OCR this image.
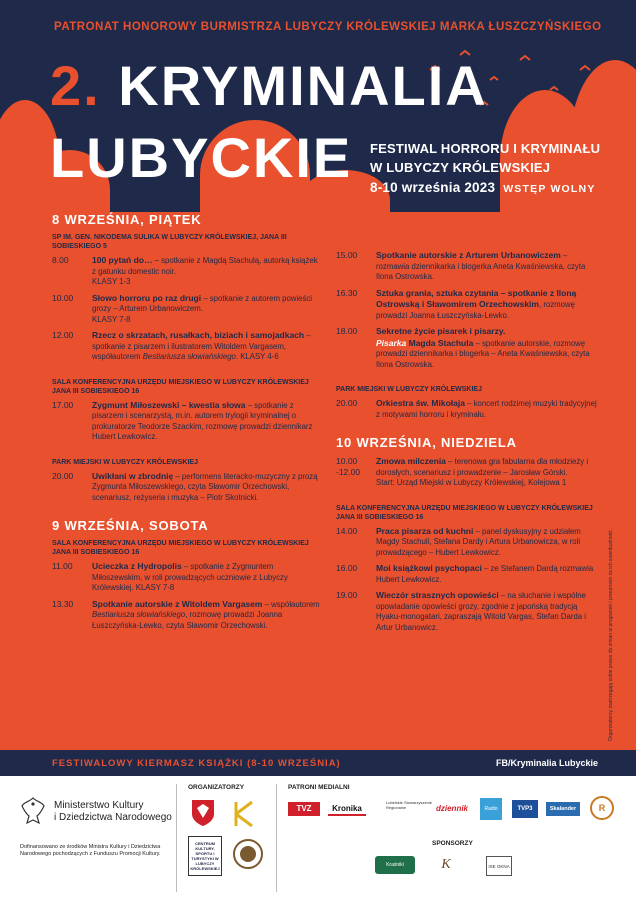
PATRONAT HONOROWY BURMISTRZA LUBYCZY KRÓLEWSKIEJ MARKA ŁUSZCZYŃSKIEGO
2. KRYMINALIA
LUBYCKIE FESTIWAL HORRORU I KRYMINAŁU
W LUBYCZY KRÓLEWSKIEJ
8-10 września 2023 WSTĘP WOLNY
8 WRZEŚNIA, PIĄTEK
SP IM. GEN. NIKODEMA SULIKA W LUBYCZY KRÓLEWSKIEJ, JANA III SOBIESKIEGO 5
8.00	100 pytań do… – spotkanie z Magdą Stachulą, autorką książek z gatunku domestic noir.
KLASY 1-3
10.00	Słowo horroru po raz drugi – spotkanie z autorem powieści grozy – Arturem Urbanowiczem.
KLASY 7-8
12.00	Rzecz o skrzatach, rusałkach, biziach i samojadkach – spotkanie z pisarzem i ilustratorem Witoldem Vargasem, współautorem Bestiariusza słowiańskiego. KLASY 4-6
SALA KONFERENCYJNA URZĘDU MIEJSKIEGO W LUBYCZY KRÓLEWSKIEJ
JANA III SOBIESKIEGO 16
17.00	Zygmunt Miłoszewski – kwestia słowa – spotkanie z pisarzem i scenarzystą, m.in. autorem trylogii kryminalnej o prokuratorze Teodorze Szackim, rozmowę prowadzi dziennikarz Hubert Lewkowicz.
PARK MIEJSKI W LUBYCZY KRÓLEWSKIEJ
20.00	Uwikłani w zbrodnię – performens literacko-muzyczny z prozą Zygmunta Miłoszewskiego, czyta Sławomir Orzechowski, scenariusz, reżyseria i muzyka – Piotr Skotnicki.
9 WRZEŚNIA, SOBOTA
SALA KONFERENCYJNA URZĘDU MIEJSKIEGO W LUBYCZY KRÓLEWSKIEJ
JANA III SOBIESKIEGO 16
11.00	Ucieczka z Hydropolis – spotkanie z Zygmuntem Miłoszewskim, w roli prowadzących uczniowie z Lubyczy Królewskiej. KLASY 7-8
13.30	Spotkanie autorskie z Witoldem Vargasem – współautorem Bestiariusza słowiańskiego, rozmowę prowadzi Joanna Łuszczyńska-Lewko, czyta Sławomir Orzechowski.
15.00	Spotkanie autorskie z Arturem Urbanowiczem – rozmawia dziennikarka i blogerka Aneta Kwaśniewska, czyta Ilona Ostrowska.
16.30	Sztuka grania, sztuka czytania – spotkanie z Iloną Ostrowską i Sławomirem Orzechowskim, rozmowę prowadzi Joanna Łuszczyńska-Lewko.
18.00	Sekretne życie pisarek i pisarzy.
Pisarka Magda Stachula – spotkanie autorskie, rozmowę prowadzi dziennikarka i blogerka – Aneta Kwaśniewska, czyta Ilona Ostrowska.
PARK MIEJSKI W LUBYCZY KRÓLEWSKIEJ
20.00	Orkiestra św. Mikołaja – koncert rodzimej muzyki tradycyjnej z motywami horroru i kryminału.
10 WRZEŚNIA, NIEDZIELA
10.00 -12.00
Zmowa milczenia – terenowa gra fabularna dla młodzieży i dorosłych, scenariusz i prowadzenie – Jarosław Górski.
Start: Urząd Miejski w Lubyczy Królewskiej, Kolejowa 1
SALA KONFERENCYJNA URZĘDU MIEJSKIEGO W LUBYCZY KRÓLEWSKIEJ
JANA III SOBIESKIEGO 16
14.00	Praca pisarza od kuchni – panel dyskusyjny z udziałem Magdy Stachuli, Stefana Dardy i Artura Urbanowicza, w roli prowadzącego – Hubert Lewkowicz.
16.00	Moi książkowi psychopaci – ze Stefanem Dardą rozmawia Hubert Lewkowicz.
19.00	Wieczór strasznych opowieści – na słuchanie i wspólne opowiadanie opowieści grozy, zgodnie z japońską tradycją Hyaku-monogatari, zapraszają Witold Vargas, Stefan Darda i Artur Urbanowicz.	Organizatorzy zastrzegają sobie prawo do zmian w programie i przeprosin za ich ewentualność.
FESTIWALOWY KIERMASZ KSIĄŻKI (8-10 WRZEŚNIA)	FB/Kryminalia Lubyckie
Ministerstwo Kultury
i Dziedzictwa Narodowego
Dofinansowano ze środków Ministra Kultury i Dziedzictwa Narodowego pochodzących z Funduszu Promocji Kultury.
ORGANIZATORZY
CENTRUM KULTURY, SPORTU I TURYSTYKI W LUBYCZY KRÓLEWSKIEJ
PATRONI MEDIALNI
TVZ	Kronika
Lubelskie Stowarzyszenie Regionalne	dziennik	Radio	TVP3	Skalander	R
SPONSORZY
Kraśniki	K	ISE OKNA
